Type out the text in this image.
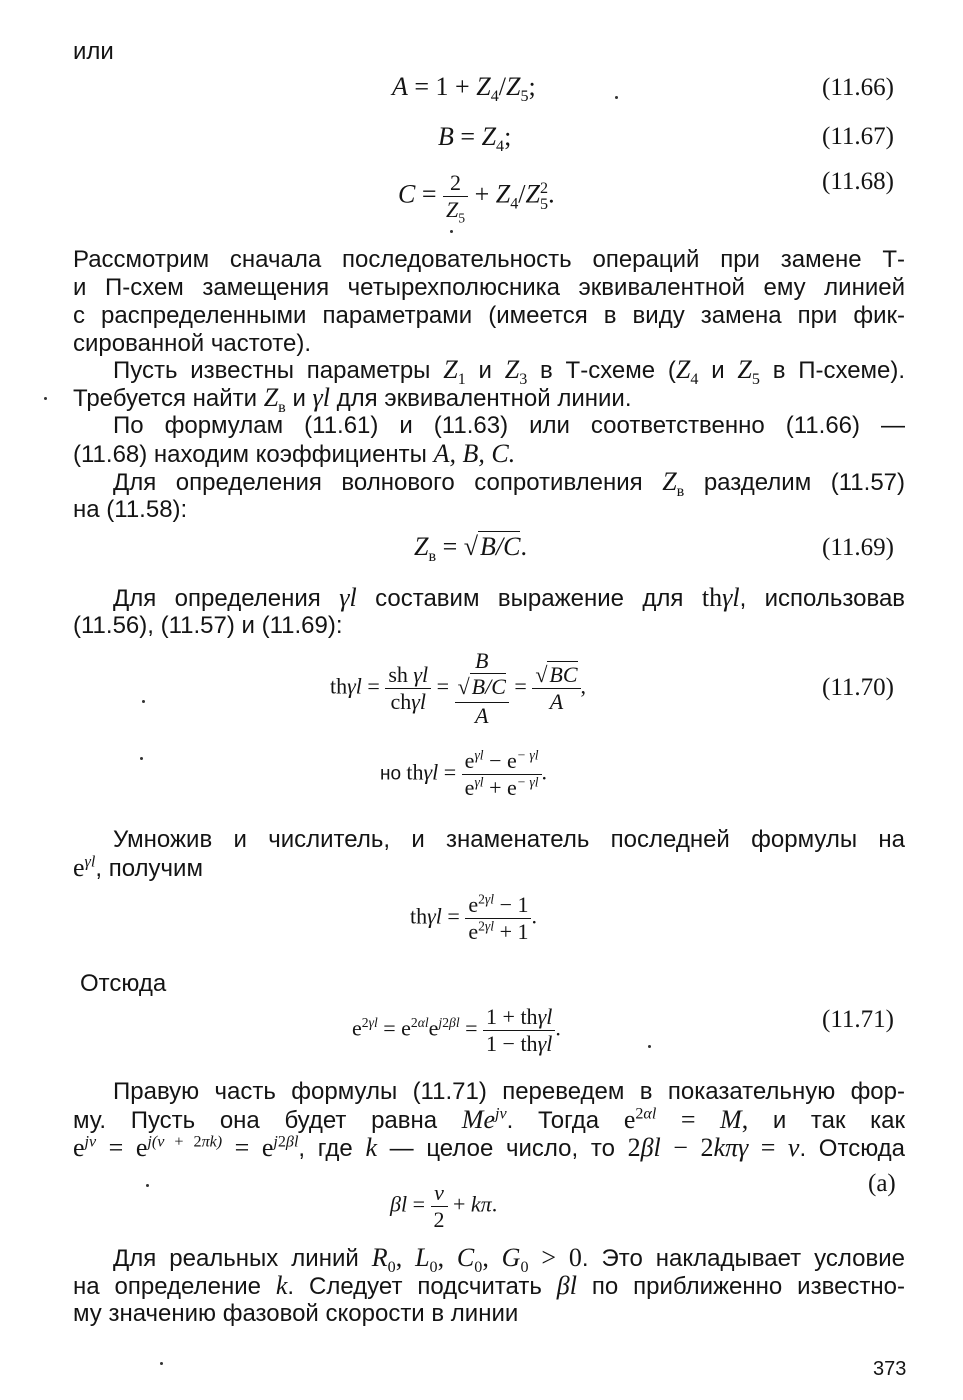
или
$A = 1 + Z_4/Z_5$;	(11.66)
$B = Z_4$;	(11.67)
$C = \frac{2}{Z_5} + Z_4/Z^2_5$.	(11.68)
Рассмотрим сначала последовательность операций при замене Т-
и П-схем замещения четырехполюсника эквивалентной ему линией
с распределенными параметрами (имеется в виду замена при фик-
сированной частоте).
Пусть известны параметры $Z_1$ и $Z_3$ в Т-схеме ($Z_4$ и $Z_5$ в П-схеме).
Требуется найти $Z_в$ и γl для эквивалентной линии.
По формулам (11.61) и (11.63) или соответственно (11.66) —
(11.68) находим коэффициенты A, B, C.
Для определения волнового сопротивления $Z_в$ разделим (11.57)
на (11.58):
$Z_в = √B/C$.	(11.69)
Для определения γl составим выражение для thγl, использовав
(11.56), (11.57) и (11.69):
$th\gamma l = \frac{\text{sh γl}}{\text{chγl}}$ =
B
√B/C
A
= $\frac{√BC}{A}$ ,	(11.70)
но $th\gamma l = \frac{e^{\gamma l} - e^{- \gamma l}}{e^{\gamma l} + e^{- \gamma l}}$ .
Умножив и числитель, и знаменатель последней формулы на
$e^{\gamma l}$, получим
$th\gamma l = \frac{e^{2\gamma l} - 1}{e^{2\gamma l} + 1}$ .
Отсюда
$e^{2\gamma l} = e^{2\alpha l}e^{j2\beta l} = \frac{\text{1 + thγl}}{\text{1 − thγl}}$ .	(11.71)
Правую часть формулы (11.71) переведем в показательную фор-
му. Пусть она будет равна $Me^{j\nu}$. Тогда $e^{2\alpha l} = M$, и так как
$e^{j\nu} = e^{j(\nu + 2\pi k)} = e^{j2\beta l}$, где k — целое число, то 2βl − 2kπγ = ν. Отсюда
$\beta l = \frac{\nu}{2} + k\pi$.
(а)
Для реальных линий $R_0$, $L_0$, $C_0$, $G_0 > 0$. Это накладывает условие
на определение k. Следует подсчитать βl по приближенно известно-
му значению фазовой скорости в линии
373
